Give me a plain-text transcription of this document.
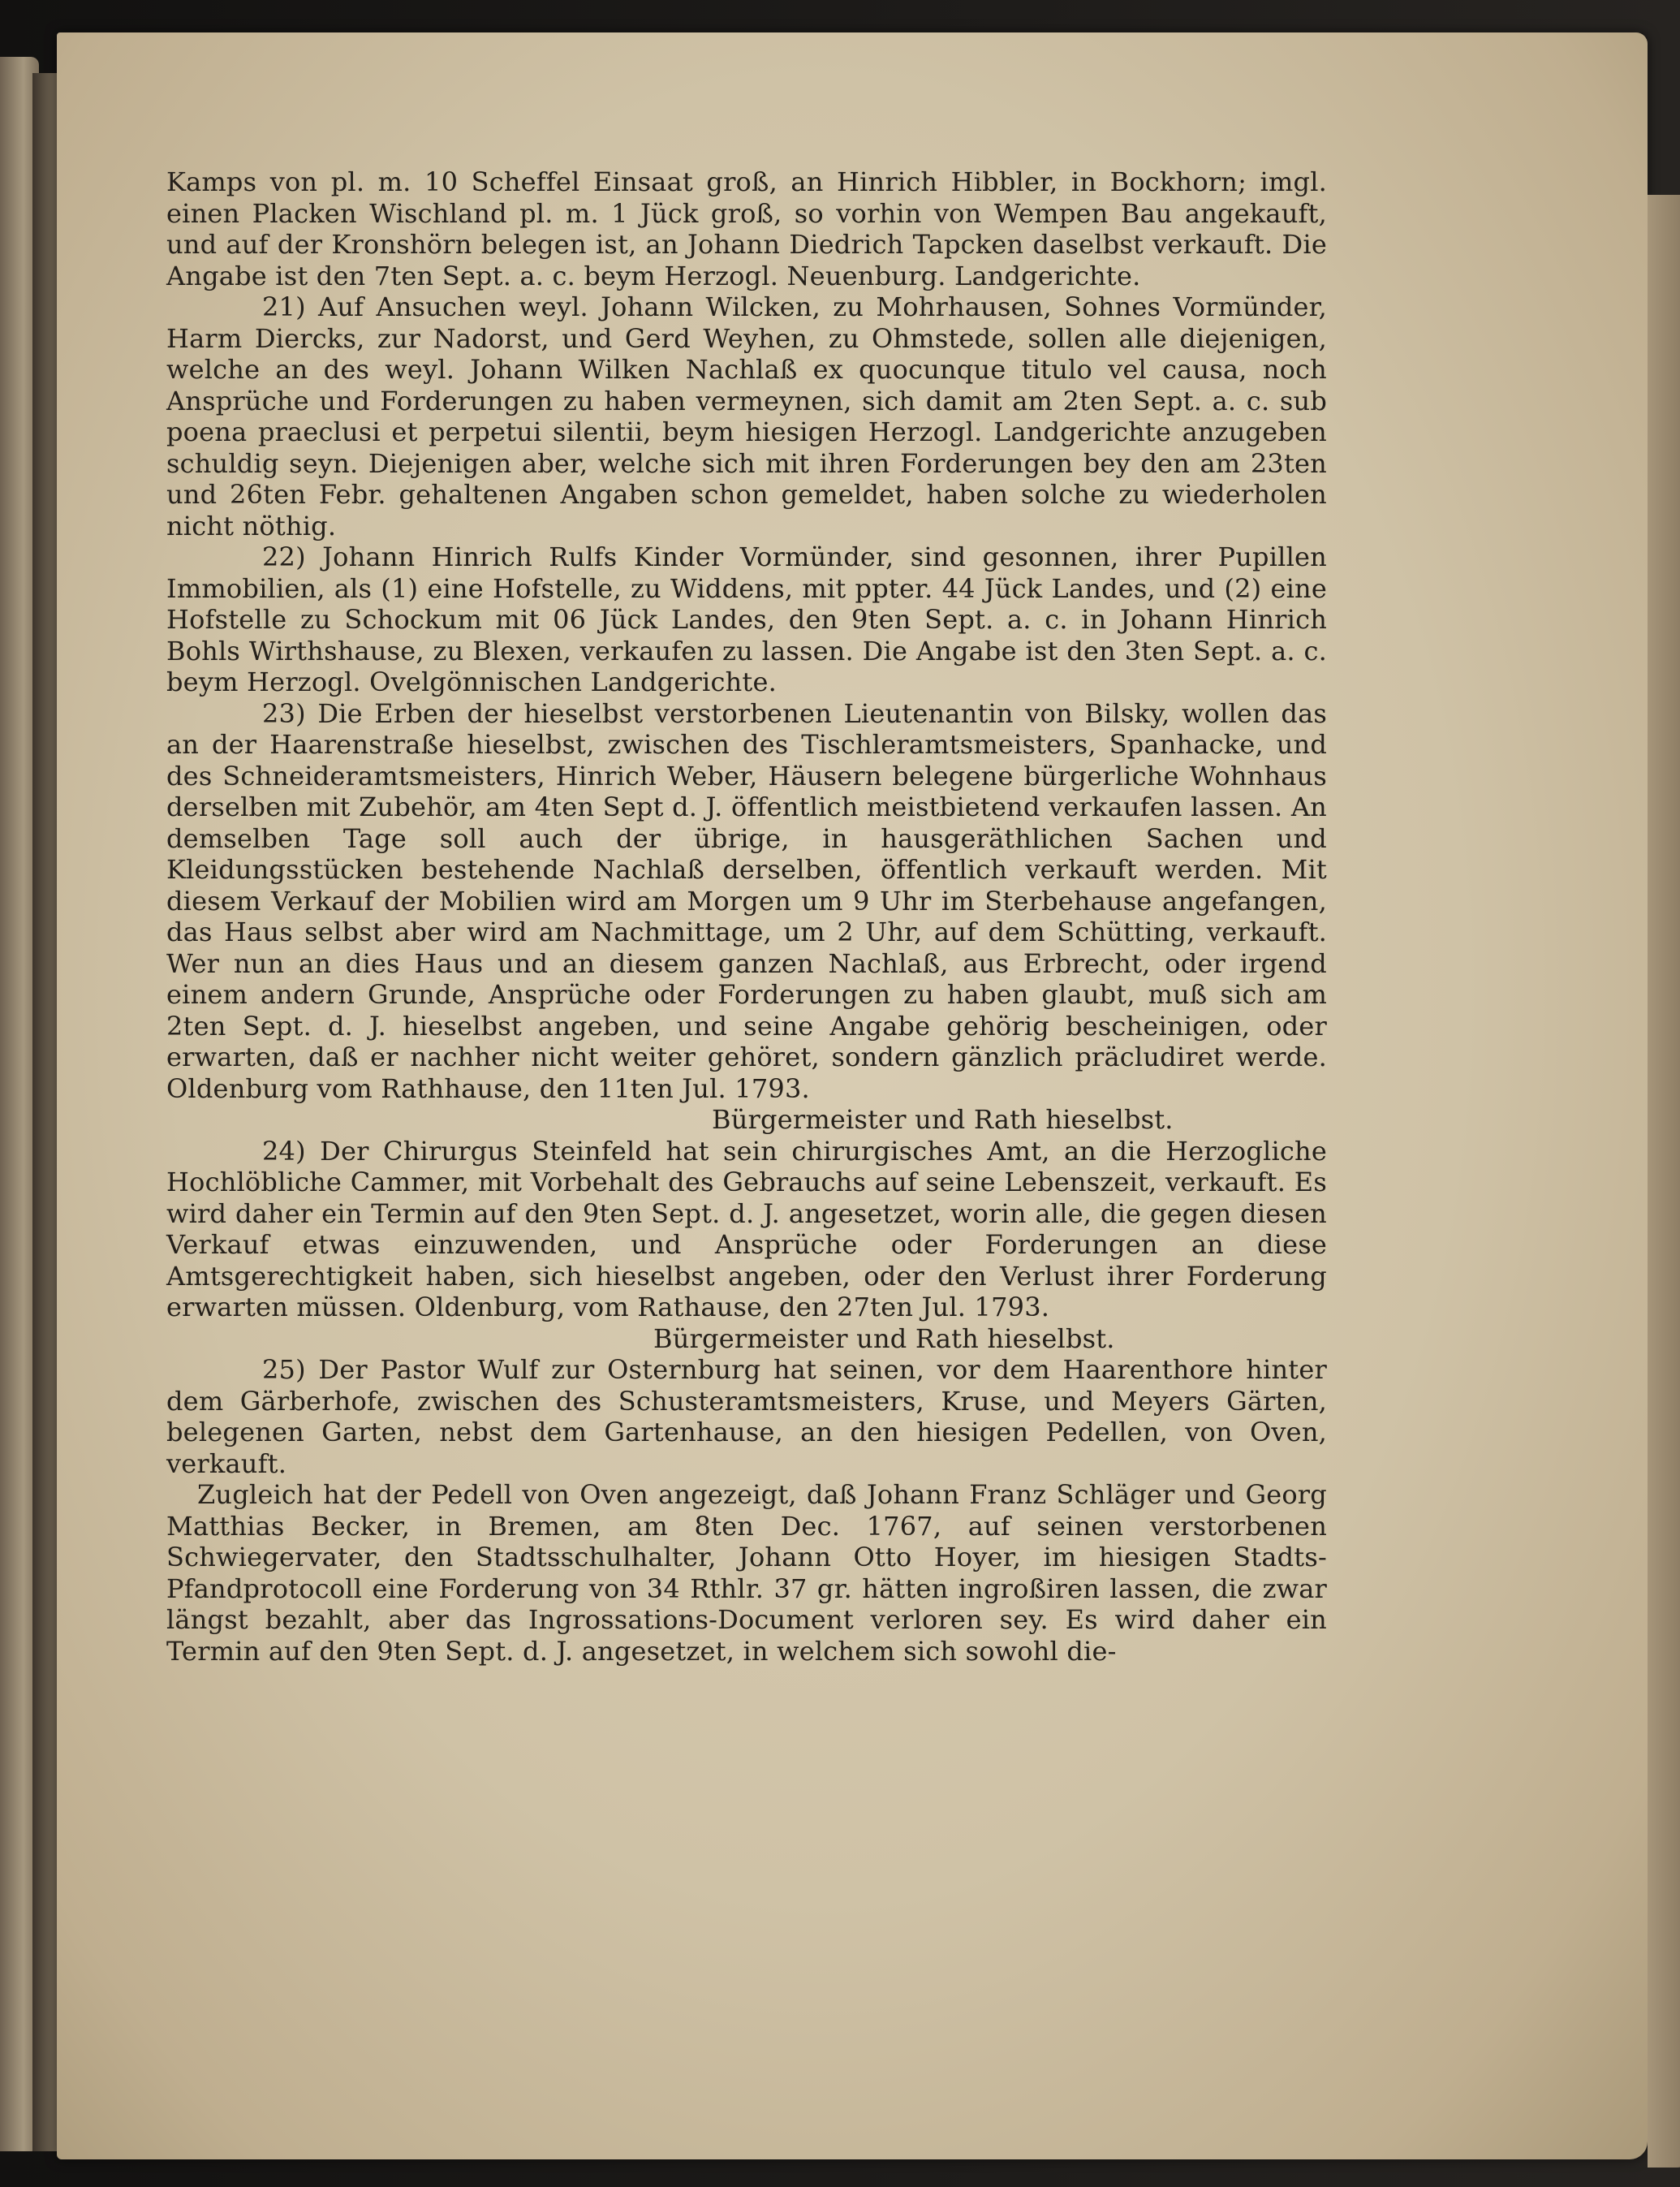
Kamps von pl. m. 10 Scheffel Einsaat groß, an Hinrich Hibbler, in Bockhorn; imgl. einen Placken Wischland pl. m. 1 Jück groß, so vorhin von Wempen Bau angekauft, und auf der Kronshörn belegen ist, an Johann Diedrich Tapcken daselbst verkauft. Die Angabe ist den 7ten Sept. a. c. beym Herzogl. Neuenburg. Landgerichte.

21) Auf Ansuchen weyl. Johann Wilcken, zu Mohrhausen, Sohnes Vormünder, Harm Diercks, zur Nadorst, und Gerd Weyhen, zu Ohmstede, sollen alle diejenigen, welche an des weyl. Johann Wilken Nachlaß ex quocunque titulo vel causa, noch Ansprüche und Forderungen zu haben vermeynen, sich damit am 2ten Sept. a. c. sub poena praeclusi et perpetui silentii, beym hiesigen Herzogl. Landgerichte anzugeben schuldig seyn. Diejenigen aber, welche sich mit ihren Forderungen bey den am 23ten und 26ten Febr. gehaltenen Angaben schon gemeldet, haben solche zu wiederholen nicht nöthig.

22) Johann Hinrich Rulfs Kinder Vormünder, sind gesonnen, ihrer Pupillen Immobilien, als (1) eine Hofstelle, zu Widdens, mit ppter. 44 Jück Landes, und (2) eine Hofstelle zu Schockum mit 06 Jück Landes, den 9ten Sept. a. c. in Johann Hinrich Bohls Wirthshause, zu Blexen, verkaufen zu lassen. Die Angabe ist den 3ten Sept. a. c. beym Herzogl. Ovelgönnischen Landgerichte.

23) Die Erben der hieselbst verstorbenen Lieutenantin von Bilsky, wollen das an der Haarenstraße hieselbst, zwischen des Tischleramtsmeisters, Spanhacke, und des Schneideramtsmeisters, Hinrich Weber, Häusern belegene bürgerliche Wohnhaus derselben mit Zubehör, am 4ten Sept d. J. öffentlich meistbietend verkaufen lassen. An demselben Tage soll auch der übrige, in hausgeräthlichen Sachen und Kleidungsstücken bestehende Nachlaß derselben, öffentlich verkauft werden. Mit diesem Verkauf der Mobilien wird am Morgen um 9 Uhr im Sterbehause angefangen, das Haus selbst aber wird am Nachmittage, um 2 Uhr, auf dem Schütting, verkauft. Wer nun an dies Haus und an diesem ganzen Nachlaß, aus Erbrecht, oder irgend einem andern Grunde, Ansprüche oder Forderungen zu haben glaubt, muß sich am 2ten Sept. d. J. hieselbst angeben, und seine Angabe gehörig bescheinigen, oder erwarten, daß er nachher nicht weiter gehöret, sondern gänzlich präcludiret werde. Oldenburg vom Rathhause, den 11ten Jul. 1793.

Bürgermeister und Rath hieselbst.

24) Der Chirurgus Steinfeld hat sein chirurgisches Amt, an die Herzogliche Hochlöbliche Cammer, mit Vorbehalt des Gebrauchs auf seine Lebenszeit, verkauft. Es wird daher ein Termin auf den 9ten Sept. d. J. angesetzet, worin alle, die gegen diesen Verkauf etwas einzuwenden, und Ansprüche oder Forderungen an diese Amtsgerechtigkeit haben, sich hieselbst angeben, oder den Verlust ihrer Forderung erwarten müssen. Oldenburg, vom Rathause, den 27ten Jul. 1793.

Bürgermeister und Rath hieselbst.

25) Der Pastor Wulf zur Osternburg hat seinen, vor dem Haarenthore hinter dem Gärberhofe, zwischen des Schusteramtsmeisters, Kruse, und Meyers Gärten, belegenen Garten, nebst dem Gartenhause, an den hiesigen Pedellen, von Oven, verkauft.

Zugleich hat der Pedell von Oven angezeigt, daß Johann Franz Schläger und Georg Matthias Becker, in Bremen, am 8ten Dec. 1767, auf seinen verstorbenen Schwiegervater, den Stadtsschulhalter, Johann Otto Hoyer, im hiesigen Stadts-Pfandprotocoll eine Forderung von 34 Rthlr. 37 gr. hätten ingroßiren lassen, die zwar längst bezahlt, aber das Ingrossations-Document verloren sey. Es wird daher ein Termin auf den 9ten Sept. d. J. angesetzet, in welchem sich sowohl die-
